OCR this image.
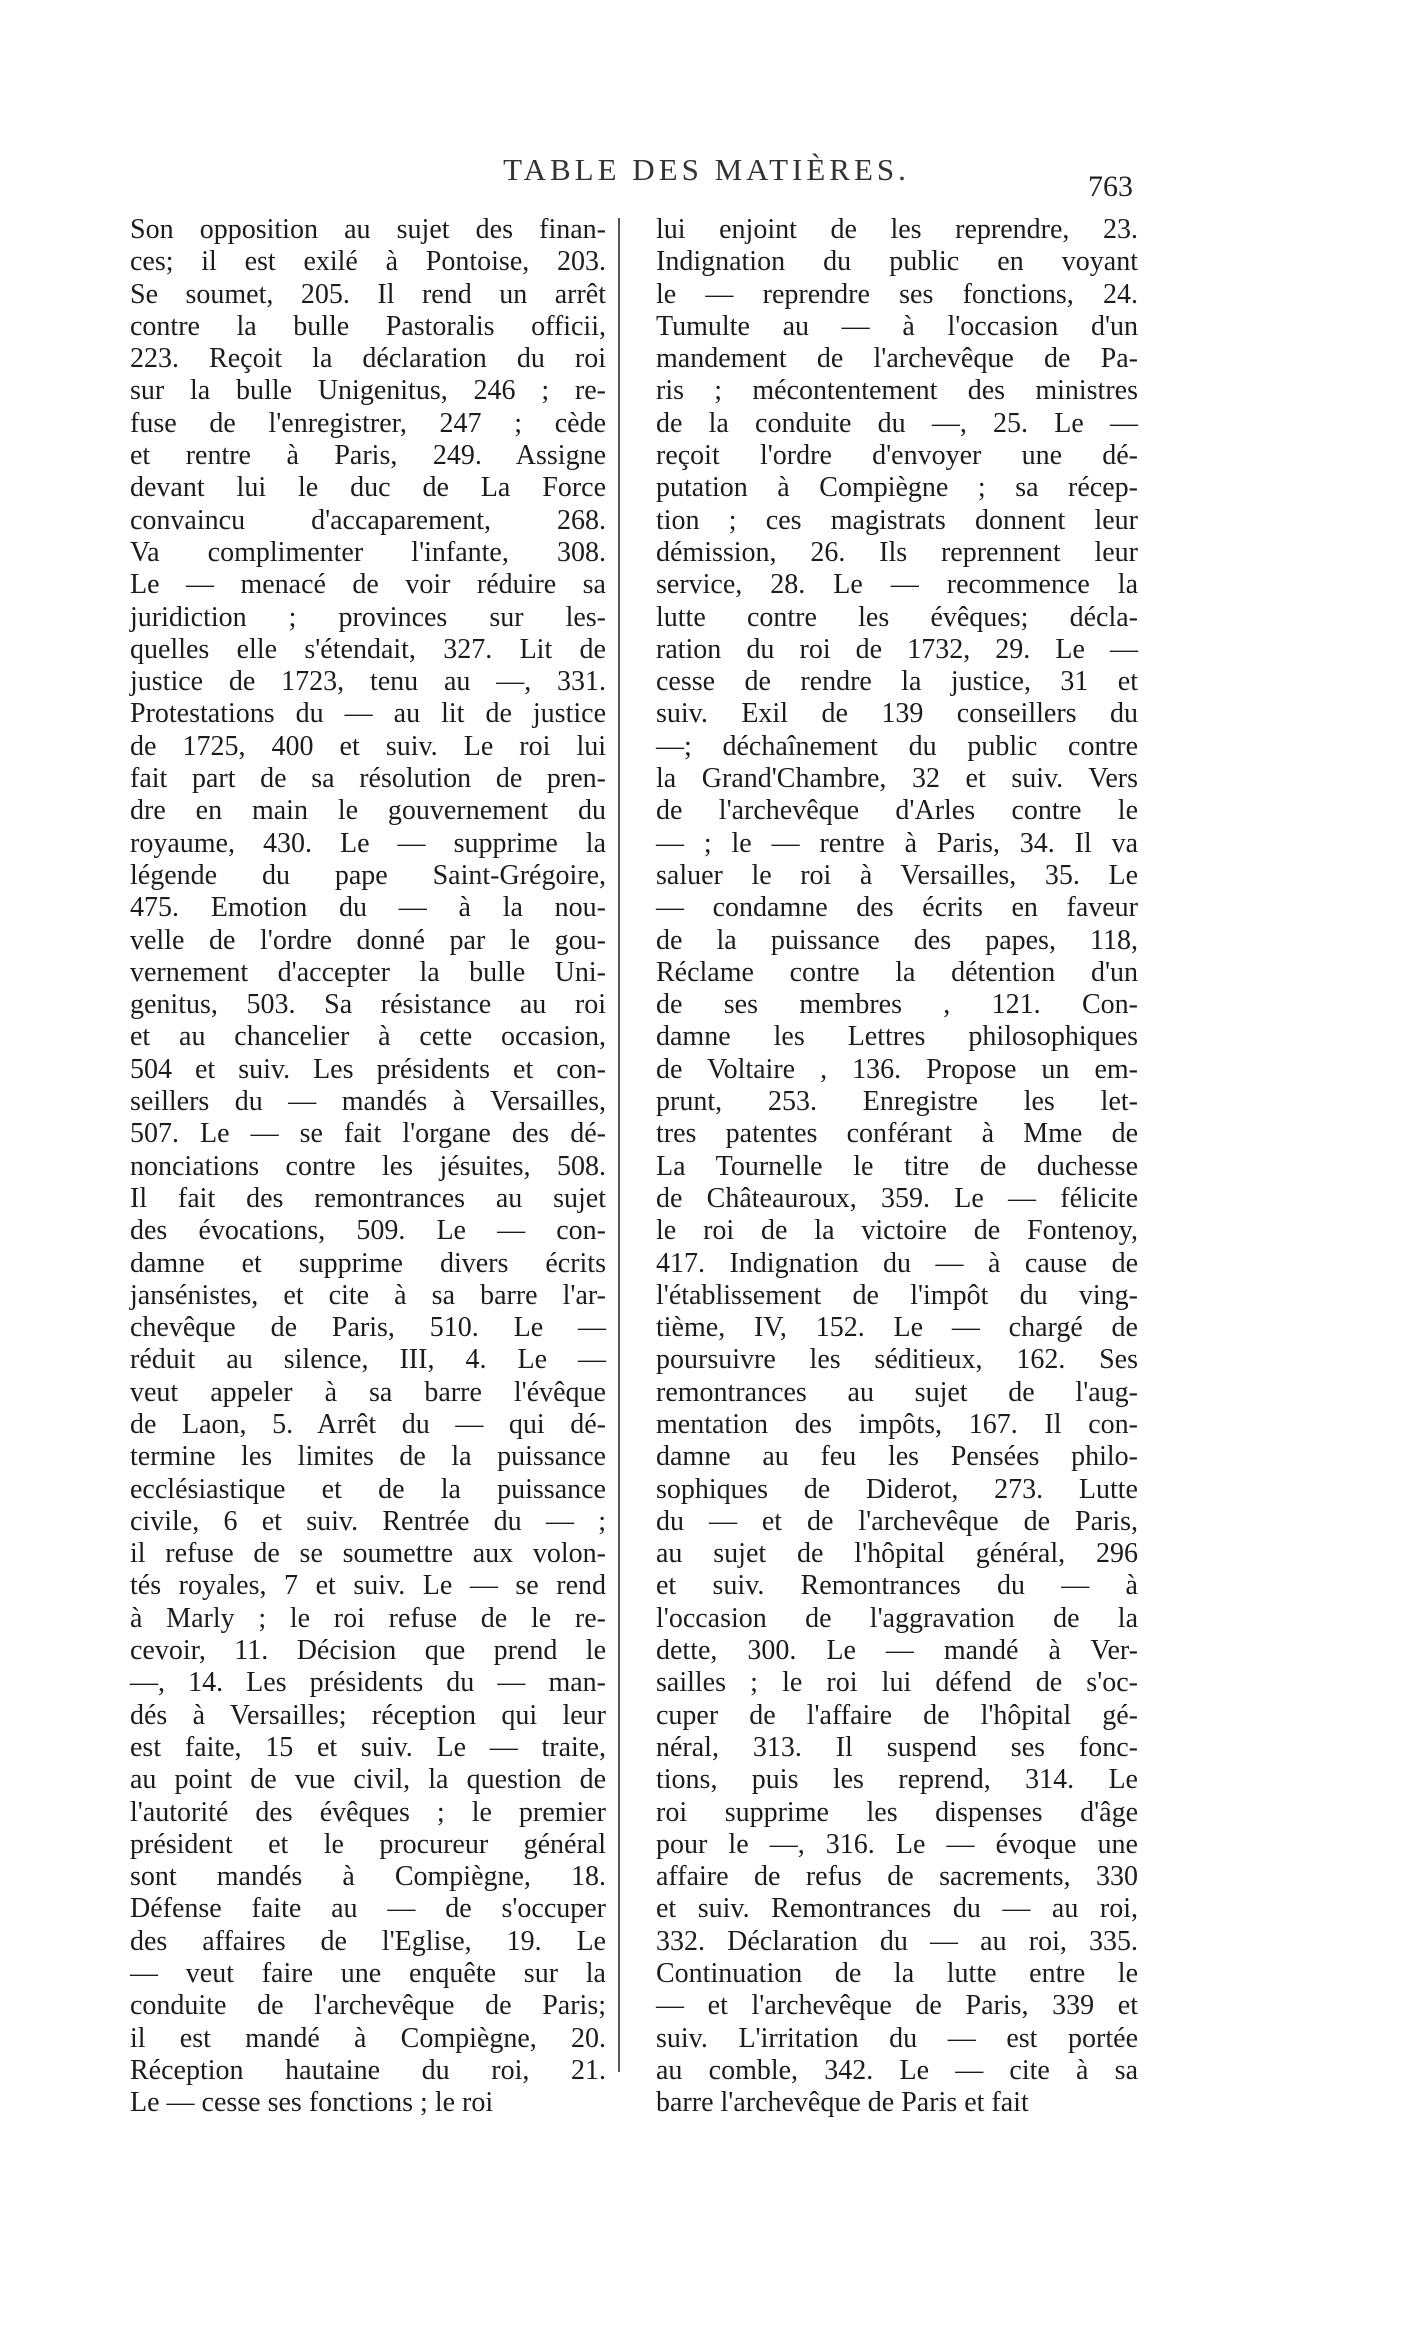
TABLE DES MATIÈRES.	763

Son opposition au sujet des finan-

ces; il est exilé à Pontoise, 203.

Se soumet, 205. Il rend un arrêt

contre la bulle Pastoralis officii,

223. Reçoit la déclaration du roi

sur la bulle Unigenitus, 246 ; re-

fuse de l'enregistrer, 247 ; cède

et rentre à Paris, 249. Assigne

devant lui le duc de La Force

convaincu d'accaparement, 268.

Va complimenter l'infante, 308.

Le — menacé de voir réduire sa

juridiction ; provinces sur les-

quelles elle s'étendait, 327. Lit de

justice de 1723, tenu au —, 331.

Protestations du — au lit de justice

de 1725, 400 et suiv. Le roi lui

fait part de sa résolution de pren-

dre en main le gouvernement du

royaume, 430. Le — supprime la

légende du pape Saint-Grégoire,

475. Emotion du — à la nou-

velle de l'ordre donné par le gou-

vernement d'accepter la bulle Uni-

genitus, 503. Sa résistance au roi

et au chancelier à cette occasion,

504 et suiv. Les présidents et con-

seillers du — mandés à Versailles,

507. Le — se fait l'organe des dé-

nonciations contre les jésuites, 508.

Il fait des remontrances au sujet

des évocations, 509. Le — con-

damne et supprime divers écrits

jansénistes, et cite à sa barre l'ar-

chevêque de Paris, 510. Le —

réduit au silence, III, 4. Le —

veut appeler à sa barre l'évêque

de Laon, 5. Arrêt du — qui dé-

termine les limites de la puissance

ecclésiastique et de la puissance

civile, 6 et suiv. Rentrée du — ;

il refuse de se soumettre aux volon-

tés royales, 7 et suiv. Le — se rend

à Marly ; le roi refuse de le re-

cevoir, 11. Décision que prend le

—, 14. Les présidents du — man-

dés à Versailles; réception qui leur

est faite, 15 et suiv. Le — traite,

au point de vue civil, la question de

l'autorité des évêques ; le premier

président et le procureur général

sont mandés à Compiègne, 18.

Défense faite au — de s'occuper

des affaires de l'Eglise, 19. Le

— veut faire une enquête sur la

conduite de l'archevêque de Paris;

il est mandé à Compiègne, 20.

Réception hautaine du roi, 21.

Le — cesse ses fonctions ; le roi

lui enjoint de les reprendre, 23.

Indignation du public en voyant

le — reprendre ses fonctions, 24.

Tumulte au — à l'occasion d'un

mandement de l'archevêque de Pa-

ris ; mécontentement des ministres

de la conduite du —, 25. Le —

reçoit l'ordre d'envoyer une dé-

putation à Compiègne ; sa récep-

tion ; ces magistrats donnent leur

démission, 26. Ils reprennent leur

service, 28. Le — recommence la

lutte contre les évêques; décla-

ration du roi de 1732, 29. Le —

cesse de rendre la justice, 31 et

suiv. Exil de 139 conseillers du

—; déchaînement du public contre

la Grand'Chambre, 32 et suiv. Vers

de l'archevêque d'Arles contre le

— ; le — rentre à Paris, 34. Il va

saluer le roi à Versailles, 35. Le

— condamne des écrits en faveur

de la puissance des papes, 118,

Réclame contre la détention d'un

de ses membres , 121. Con-

damne les Lettres philosophiques

de Voltaire , 136. Propose un em-

prunt, 253. Enregistre les let-

tres patentes conférant à Mme de

La Tournelle le titre de duchesse

de Châteauroux, 359. Le — félicite

le roi de la victoire de Fontenoy,

417. Indignation du — à cause de

l'établissement de l'impôt du ving-

tième, IV, 152. Le — chargé de

poursuivre les séditieux, 162. Ses

remontrances au sujet de l'aug-

mentation des impôts, 167. Il con-

damne au feu les Pensées philo-

sophiques de Diderot, 273. Lutte

du — et de l'archevêque de Paris,

au sujet de l'hôpital général, 296

et suiv. Remontrances du — à

l'occasion de l'aggravation de la

dette, 300. Le — mandé à Ver-

sailles ; le roi lui défend de s'oc-

cuper de l'affaire de l'hôpital gé-

néral, 313. Il suspend ses fonc-

tions, puis les reprend, 314. Le

roi supprime les dispenses d'âge

pour le —, 316. Le — évoque une

affaire de refus de sacrements, 330

et suiv. Remontrances du — au roi,

332. Déclaration du — au roi, 335.

Continuation de la lutte entre le

— et l'archevêque de Paris, 339 et

suiv. L'irritation du — est portée

au comble, 342. Le — cite à sa

barre l'archevêque de Paris et fait
